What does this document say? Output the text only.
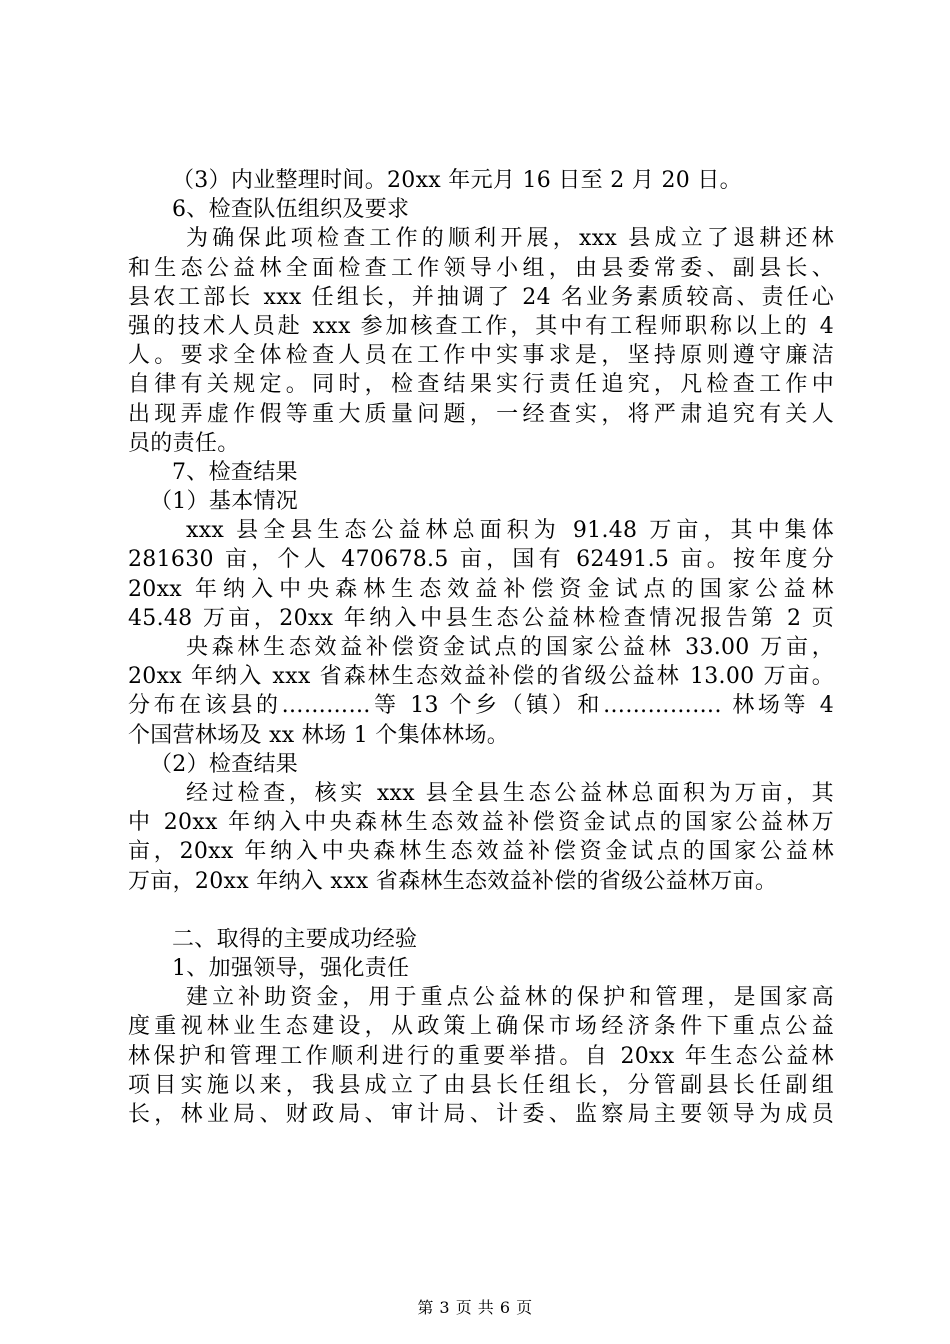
（3）内业整理时间。20xx 年元月 16 日至 2 月 20 日。
6、检查队伍组织及要求
为确保此项检查工作的顺利开展，xxx 县成立了退耕还林
和生态公益林全面检查工作领导小组，由县委常委、副县长、
县农工部长 xxx 任组长，并抽调了 24 名业务素质较高、责任心
强的技术人员赴 xxx 参加核查工作，其中有工程师职称以上的 4
人。要求全体检查人员在工作中实事求是，坚持原则遵守廉洁
自律有关规定。同时，检查结果实行责任追究，凡检查工作中
出现弄虚作假等重大质量问题，一经查实，将严肃追究有关人
员的责任。
7、检查结果
（1）基本情况
xxx 县全县生态公益林总面积为 91.48 万亩，其中集体
281630 亩，个人 470678.5 亩，国有 62491.5 亩。按年度分
20xx 年纳入中央森林生态效益补偿资金试点的国家公益林
45.48 万亩，20xx 年纳入中县生态公益林检查情况报告第 2 页
央森林生态效益补偿资金试点的国家公益林 33.00 万亩，
20xx 年纳入 xxx 省森林生态效益补偿的省级公益林 13.00 万亩。
分布在该县的…………等 13 个乡（镇）和……………. 林场等 4
个国营林场及 xx 林场 1 个集体林场。
（2）检查结果
经过检查，核实 xxx 县全县生态公益林总面积为万亩，其
中 20xx 年纳入中央森林生态效益补偿资金试点的国家公益林万
亩，20xx 年纳入中央森林生态效益补偿资金试点的国家公益林
万亩，20xx 年纳入 xxx 省森林生态效益补偿的省级公益林万亩。
二、取得的主要成功经验
1、加强领导，强化责任
建立补助资金，用于重点公益林的保护和管理，是国家高
度重视林业生态建设，从政策上确保市场经济条件下重点公益
林保护和管理工作顺利进行的重要举措。自 20xx 年生态公益林
项目实施以来，我县成立了由县长任组长，分管副县长任副组
长，林业局、财政局、审计局、计委、监察局主要领导为成员
第 3 页 共 6 页
